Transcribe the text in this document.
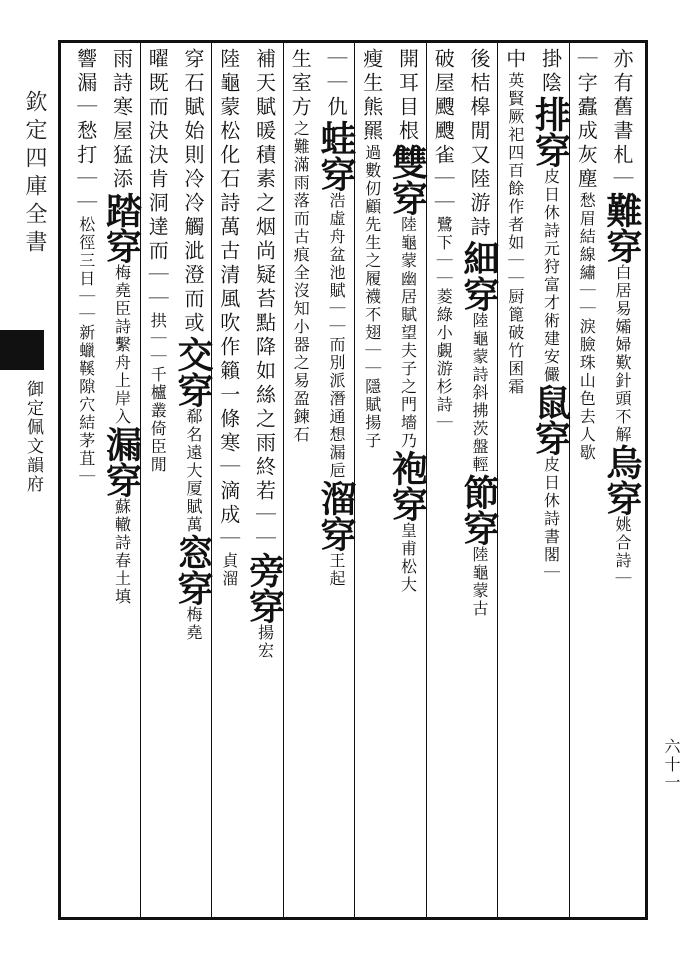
欽定四庫全書
御定佩文韻府
六十一
亦有舊書札｜難穿白居易孀婦歎針頭不解烏穿姚合詩｜
｜字蠹成灰塵愁眉結線繡｜｜淚臉珠山色去人歇
掛陰排穿皮日休詩元狩富才術建安儼鼠穿皮日休詩書閣｜
中英賢厥祀四百餘作者如｜｜厨篦破竹囷霜
後桔槔閒又陸游詩細穿陸龜蒙詩斜拂茨盤輕節穿陸龜蒙古
破屋颼颼雀｜｜鷺下｜｜菱綠小覷游杉詩｜
開耳目根雙穿陸龜蒙幽居賦望夫子之門墻乃袍穿皇甫松大
瘦生熊羆過數仞顧先生之履襪不翅｜｜隱賦揚子
｜｜仇蛙穿浩虛舟盆池賦｜｜而別派潛通想漏巵溜穿王起
生室方之難滿雨落而古痕全沒知小器之易盈鍊石
補天賦暖積素之烟尚疑苔點降如絲之雨終若｜｜旁穿揚宏
陸龜蒙松化石詩萬古清風吹作籟一條寒｜滴成｜貞溜
穿石賦始則冷冷觸泚澄而或交穿郗名遠大厦賦萬窓穿梅堯
曜既而決決肯洞達而｜｜拱｜｜千櫨叢倚臣閒
雨詩寒屋猛添踏穿梅堯臣詩繫舟上岸入漏穿蘇轍詩春土填
響漏｜愁打｜｜松徑三日｜｜新蠟鞵隙穴結茅苴｜
